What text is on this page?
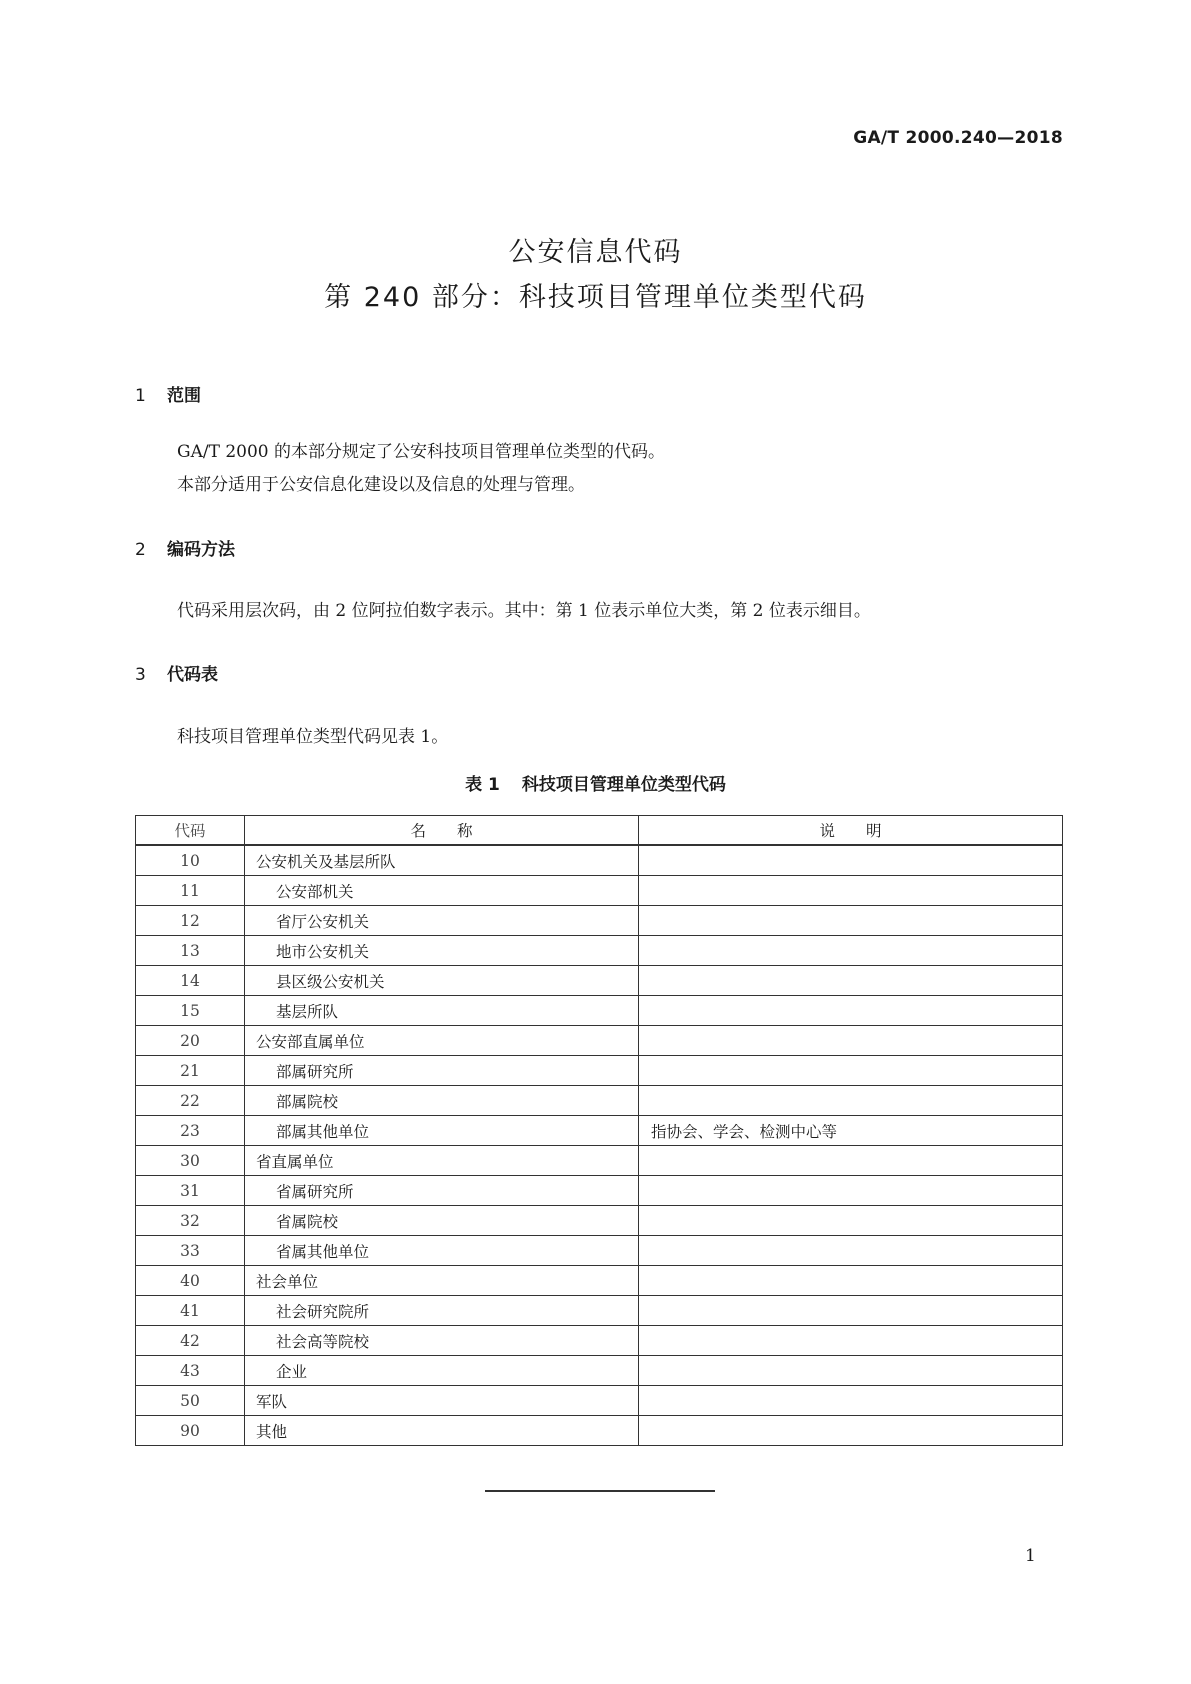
GA/T 2000.240—2018
公安信息代码
第 240 部分：科技项目管理单位类型代码
1 范围
GA/T 2000 的本部分规定了公安科技项目管理单位类型的代码。
本部分适用于公安信息化建设以及信息的处理与管理。
2 编码方法
代码采用层次码，由 2 位阿拉伯数字表示。其中：第 1 位表示单位大类，第 2 位表示细目。
3 代码表
科技项目管理单位类型代码见表 1。
表 1 科技项目管理单位类型代码
代码	名　　称	说　　明
10	公安机关及基层所队	
11	公安部机关	
12	省厅公安机关	
13	地市公安机关	
14	县区级公安机关	
15	基层所队	
20	公安部直属单位	
21	部属研究所	
22	部属院校	
23	部属其他单位	指协会、学会、检测中心等
30	省直属单位	
31	省属研究所	
32	省属院校	
33	省属其他单位	
40	社会单位	
41	社会研究院所	
42	社会高等院校	
43	企业	
50	军队	
90	其他	
1
